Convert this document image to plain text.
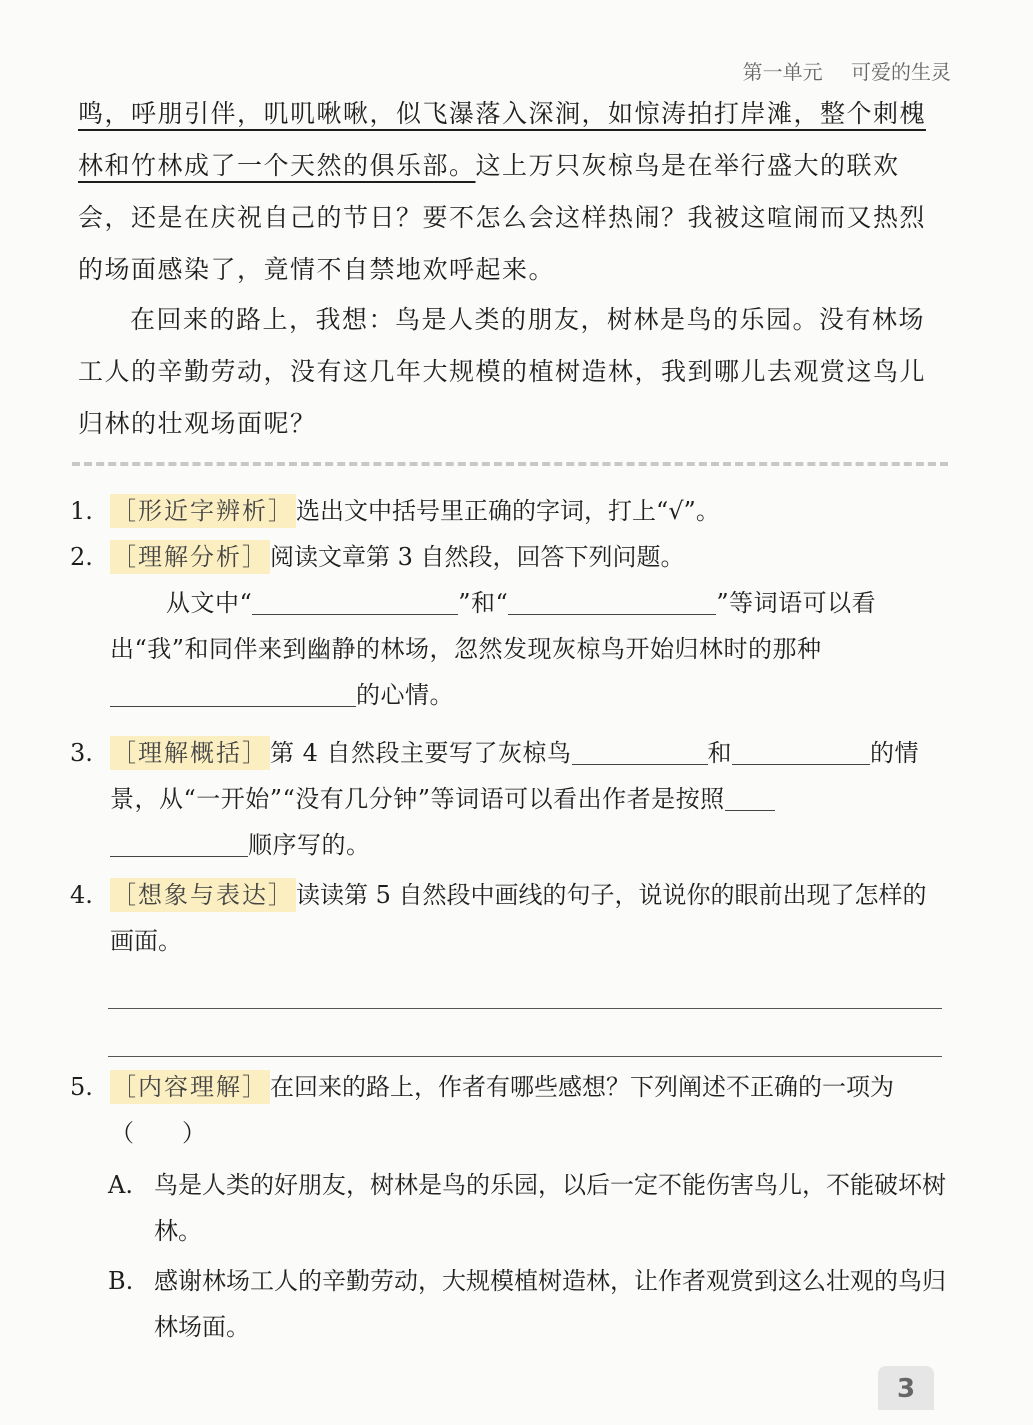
第一单元 可爱的生灵

鸣，呼朋引伴，叽叽啾啾，似飞瀑落入深涧，如惊涛拍打岸滩，整个刺槐林和竹林成了一个天然的俱乐部。这上万只灰椋鸟是在举行盛大的联欢会，还是在庆祝自己的节日？要不怎么会这样热闹？我被这喧闹而又热烈的场面感染了，竟情不自禁地欢呼起来。

在回来的路上，我想：鸟是人类的朋友，树林是鸟的乐园。没有林场工人的辛勤劳动，没有这几年大规模的植树造林，我到哪儿去观赏这鸟儿归林的壮观场面呢？

1. ［形近字辨析］选出文中括号里正确的字词，打上“√”。
2. ［理解分析］阅读文章第 3 自然段，回答下列问题。
从文中“	”和“	”等词语可以看出“我”和同伴来到幽静的林场，忽然发现灰椋鸟开始归林时的那种的心情。
3. ［理解概括］第 4 自然段主要写了灰椋鸟	和	的情景，从“一开始”“没有几分钟”等词语可以看出作者是按照
顺序写的。
4. ［想象与表达］读读第 5 自然段中画线的句子，说说你的眼前出现了怎样的画面。
5. ［内容理解］在回来的路上，作者有哪些感想？下列阐述不正确的一项为（　　）
A. 鸟是人类的好朋友，树林是鸟的乐园，以后一定不能伤害鸟儿，不能破坏树林。
B. 感谢林场工人的辛勤劳动，大规模植树造林，让作者观赏到这么壮观的鸟归林场面。
3
